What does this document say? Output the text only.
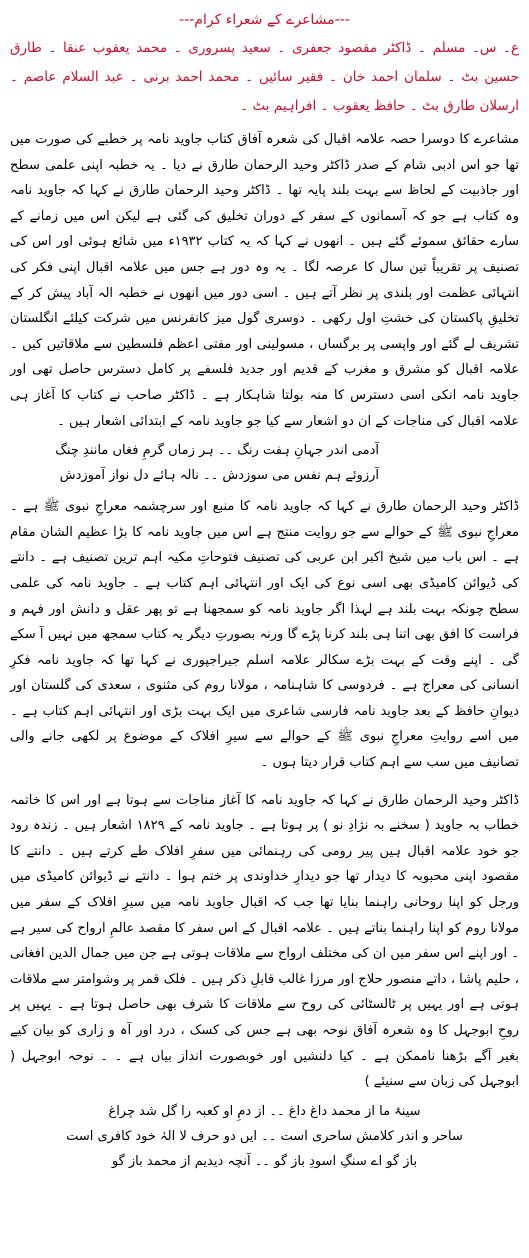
---مشاعرے کے شعراء کرام---

ع۔ س۔ مسلم ۔ ڈاکٹر مقصود جعفری ۔ سعید پسروری ۔ محمد یعقوب عنقا ۔ طارق حسین بٹ ۔ سلمان احمد خان ۔ فقیر سائیں ۔ محمد احمد برنی ۔ عبد السلام عاصم ۔ ارسلان طارق بٹ ۔ حافظ یعقوب ۔ افراہیم بٹ ۔

مشاعرے کا دوسرا حصہ علامہ اقبال کی شعرہ آفاق کتاب جاوید نامہ پر خطبے کی صورت میں تھا جو اس ادبی شام کے صدر ڈاکٹر وحید الرحمان طارق نے دیا ۔ یہ خطبہ اپنی علمی سطح اور جاذبیت کے لحاظ سے بہت بلند پایہ تھا ۔ ڈاکٹر وحید الرحمان طارق نے کہا کہ جاوید نامہ وہ کتاب ہے جو کہ آسمانوں کے سفر کے دوران تخلیق کی گئی ہے لیکن اس میں زمانے کے سارے حقائق سموئے گئے ہیں ۔ انھوں نے کہا کہ یہ کتاب ۱۹۳۲ء میں شائع ہوئی اور اس کی تصنیف پر تقریباً تین سال کا عرصہ لگا ۔ یہ وہ دور ہے جس میں علامہ اقبال اپنی فکر کی انتہائی عظمت اور بلندی پر نظر آتے ہیں ۔ اسی دور میں انھوں نے خطبہ الہ آباد پیش کر کے تخلیقِ پاکستان کی خشتِ اول رکھی ۔ دوسری گول میز کانفرنس میں شرکت کیلئے انگلستان تشریف لے گئے اور واپسی پر برگساں ، مسولینی اور مفتی اعظم فلسطین سے ملاقاتیں کیں ۔ علامہ اقبال کو مشرق و مغرب کے قدیم اور جدید فلسفے پر کامل دسترس حاصل تھی اور جاوید نامہ انکی اسی دسترس کا منہ بولتا شاہکار ہے ۔ ڈاکٹر صاحب نے کتاب کا آغاز ہی علامہ اقبال کی مناجات کے ان دو اشعار سے کیا جو جاوید نامہ کے ابتدائی اشعار ہیں ۔

آدمی اندر جہانِ ہفت رنگ ۔۔ ہر زماں گرمِ فغاں مانندِ چنگ

آرزوئے ہم نفس می سوزدش ۔۔ نالہ ہائے دل نواز آموزدش

ڈاکٹر وحید الرحمان طارق نے کہا کہ جاوید نامہ کا منبع اور سرچشمہ معراجِ نبوی ﷺ ہے ۔ معراجِ نبوی ﷺ کے حوالے سے جو روایت منتج ہے اس میں جاوید نامہ کا بڑا عظیم الشان مقام ہے ۔ اس باب میں شیخ اکبر ابن عربی کی تصنیف فتوحاتِ مکیہ اہم ترین تصنیف ہے ۔ دانتے کی ڈیوائن کامیڈی بھی اسی نوع کی ایک اور انتہائی اہم کتاب ہے ۔ جاوید نامہ کی علمی سطح چونکہ بہت بلند ہے لہذا اگر جاوید نامہ کو سمجھنا ہے تو پھر عقل و دانش اور فہم و فراست کا افق بھی اتنا ہی بلند کرنا پڑے گا ورنہ بصورتِ دیگر یہ کتاب سمجھ میں نہیں آ سکے گی ۔ اپنے وقت کے بہت بڑے سکالر علامہ اسلم جیراجپوری نے کہا تھا کہ جاوید نامہ فکرِ انسانی کی معراج ہے ۔ فردوسی کا شاہنامہ ، مولانا روم کی مثنوی ، سعدی کی گلستان اور دیوانِ حافظ کے بعد جاوید نامہ فارسی شاعری میں ایک بہت بڑی اور انتہائی اہم کتاب ہے ۔ میں اسے روایتِ معراجِ نبوی ﷺ کے حوالے سے سیرِ افلاک کے موضوع پر لکھی جانے والی تصانیف میں سب سے اہم کتاب قرار دیتا ہوں ۔

ڈاکٹر وحید الرحمان طارق نے کہا کہ جاوید نامہ کا آغاز مناجات سے ہوتا ہے اور اس کا خاتمہ خطاب بہ جاوید ( سخنے بہ نژادِ نو ) پر ہوتا ہے ۔ جاوید نامہ کے ۱۸۲۹ اشعار ہیں ۔ زندہ رود جو خود علامہ اقبال ہیں پیر رومی کی رہنمائی میں سفرِ افلاک طے کرتے ہیں ۔ دانتے کا مقصود اپنی محبوبہ کا دیدار تھا جو دیدارِ خداوندی پر ختم ہوا ۔ دانتے نے ڈیوائن کامیڈی میں ورجل کو اپنا روحانی راہنما بنایا تھا جب کہ اقبال جاوید نامہ میں سیرِ افلاک کے سفر میں مولانا روم کو اپنا راہنما بناتے ہیں ۔ علامہ اقبال کے اس سفر کا مقصد عالمِ ارواح کی سیر ہے ۔ اور اپنے اس سفر میں ان کی مختلف ارواح سے ملاقات ہوتی ہے جن میں جمال الدین افغانی ، حلیم پاشا ، داتے منصور حلاج اور مرزا غالب قابلِ ذکر ہیں ۔ فلک قمر پر وشوامتر سے ملاقات ہوتی ہے اور یہیں پر ٹالسٹائی کی روح سے ملاقات کا شرف بھی حاصل ہوتا ہے ۔ یہیں پر روحِ ابوجہل کا وہ شعرہ آفاق نوحہ بھی ہے جس کی کسک ، درد اور آہ و زاری کو بیان کیے بغیر آگے بڑھنا ناممکن ہے ۔ کیا دلنشیں اور خوبصورت انداز بیاں ہے ۔ ۔ نوحہ ابوجہل ( ابوجہل کی زبان سے سنیئے )

سینۂ ما از محمد داغ داغ ۔۔ از دمِ او کعبہ را گل شد چراغ

ساحر و اندر کلامش ساحری است ۔۔ ایں دو حرف لا الہٰ خود کافری است

باز گو اے سنگِ اسودِ باز گو ۔۔ آنچہ دیدیم از محمد باز گو
